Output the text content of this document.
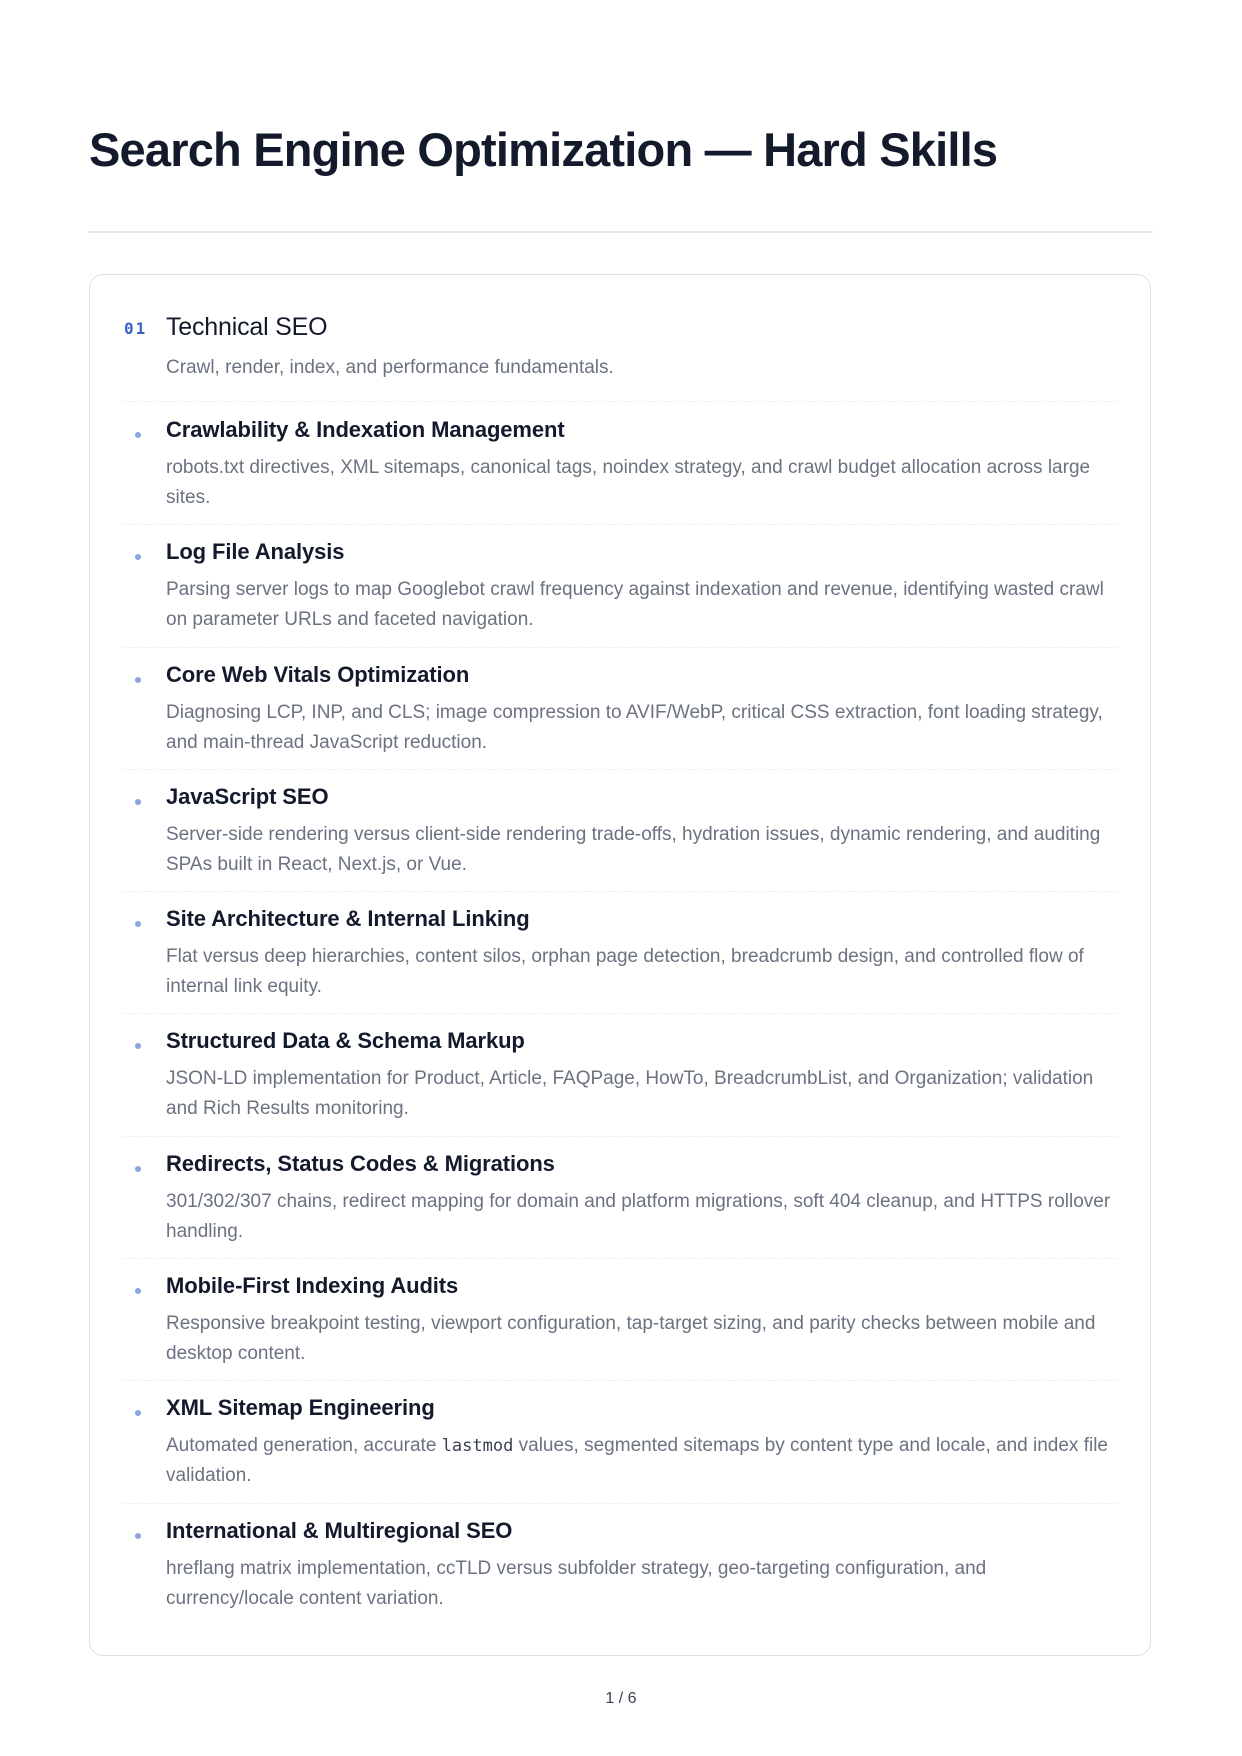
Search Engine Optimization — Hard Skills
01 Technical SEO
Crawl, render, index, and performance fundamentals.
Crawlability & Indexation Management

robots.txt directives, XML sitemaps, canonical tags, noindex strategy, and crawl budget allocation across large sites.

Log File Analysis

Parsing server logs to map Googlebot crawl frequency against indexation and revenue, identifying wasted crawl on parameter URLs and faceted navigation.

Core Web Vitals Optimization

Diagnosing LCP, INP, and CLS; image compression to AVIF/WebP, critical CSS extraction, font loading strategy, and main-thread JavaScript reduction.

JavaScript SEO

Server-side rendering versus client-side rendering trade-offs, hydration issues, dynamic rendering, and auditing SPAs built in React, Next.js, or Vue.

Site Architecture & Internal Linking

Flat versus deep hierarchies, content silos, orphan page detection, breadcrumb design, and controlled flow of internal link equity.

Structured Data & Schema Markup

JSON-LD implementation for Product, Article, FAQPage, HowTo, BreadcrumbList, and Organization; validation and Rich Results monitoring.

Redirects, Status Codes & Migrations

301/302/307 chains, redirect mapping for domain and platform migrations, soft 404 cleanup, and HTTPS rollover handling.

Mobile-First Indexing Audits

Responsive breakpoint testing, viewport configuration, tap-target sizing, and parity checks between mobile and desktop content.

XML Sitemap Engineering

Automated generation, accurate lastmod values, segmented sitemaps by content type and locale, and index file validation.

International & Multiregional SEO

hreflang matrix implementation, ccTLD versus subfolder strategy, geo-targeting configuration, and currency/locale content variation.

1 / 6
